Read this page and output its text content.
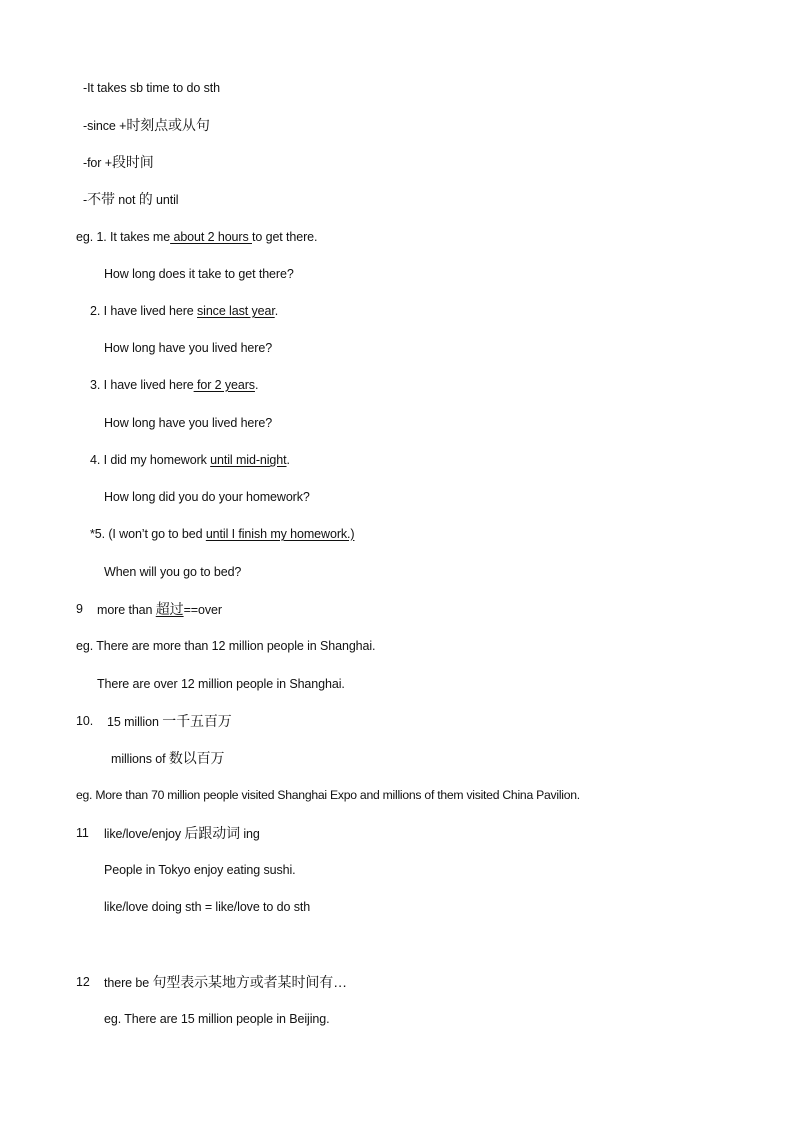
-It takes sb time to do sth
-since +时刻点或从句
-for +段时间
-不带 not 的 until
eg. 1. It takes me about 2 hours to get there.
How long does it take to get there?
2. I have lived here since last year.
How long have you lived here?
3. I have lived here for 2 years.
How long have you lived here?
4. I did my homework until mid-night.
How long did you do your homework?
*5. (I won’t go to bed until I finish my homework.)
When will you go to bed?
9 more than 超过==over
eg. There are more than 12 million people in Shanghai.
There are over 12 million people in Shanghai.
10. 15 million 一千五百万
millions of 数以百万
eg. More than 70 million people visited Shanghai Expo and millions of them visited China Pavilion.
11 like/love/enjoy 后跟动词 ing
People in Tokyo enjoy eating sushi.
like/love doing sth = like/love to do sth
12 there be 句型表示某地方或者某时间有…
eg. There are 15 million people in Beijing.
